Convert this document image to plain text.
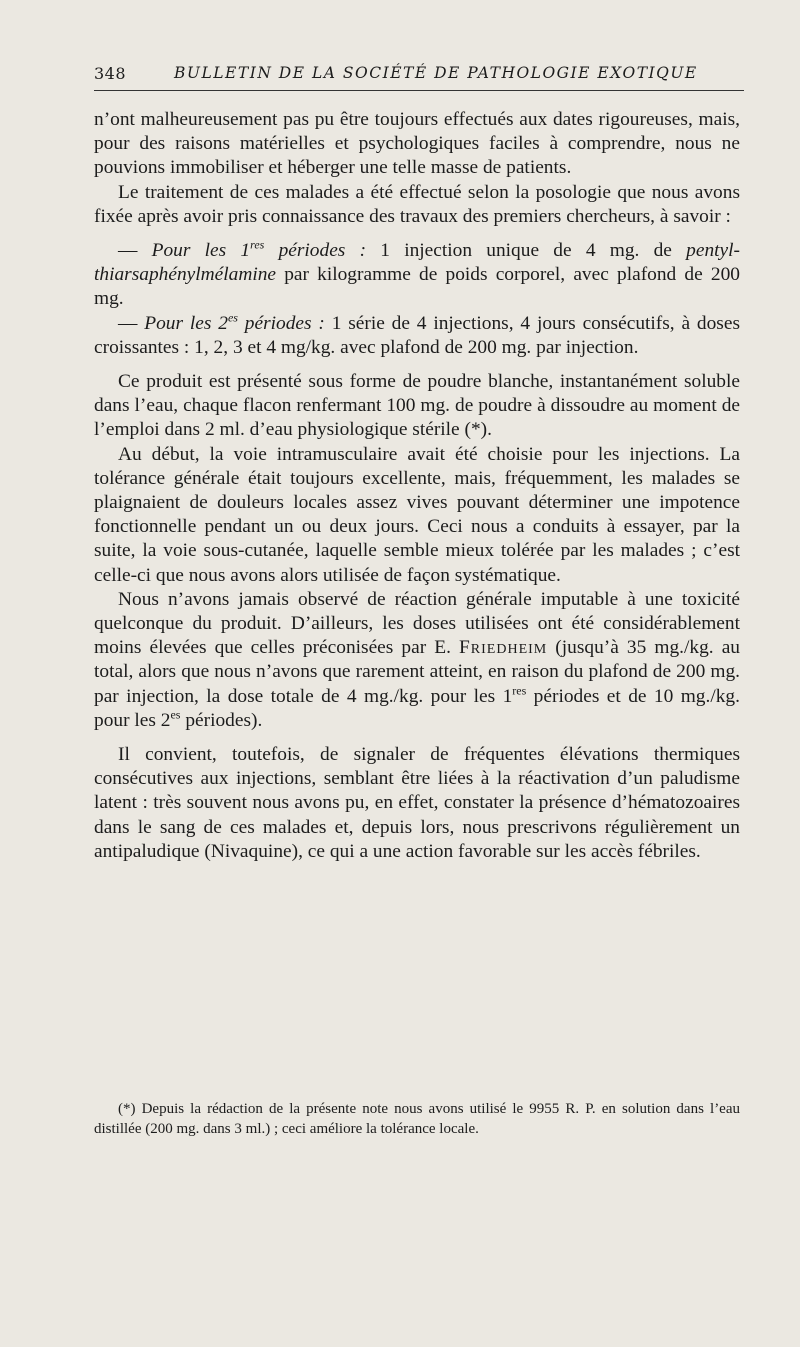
348	BULLETIN DE LA SOCIÉTÉ DE PATHOLOGIE EXOTIQUE

n’ont malheureusement pas pu être toujours effectués aux dates rigoureuses, mais, pour des raisons matérielles et psychologiques faciles à comprendre, nous ne pouvions immobiliser et héberger une telle masse de patients.

Le traitement de ces malades a été effectué selon la posologie que nous avons fixée après avoir pris connaissance des travaux des premiers chercheurs, à savoir :

— Pour les 1res périodes : 1 injection unique de 4 mg. de pentyl-thiarsaphénylmélamine par kilogramme de poids corporel, avec plafond de 200 mg.

— Pour les $2^{es}$ périodes : 1 série de 4 injections, 4 jours consécutifs, à doses croissantes : 1, 2, 3 et 4 mg/kg. avec plafond de 200 mg. par injection.

Ce produit est présenté sous forme de poudre blanche, instantanément soluble dans l’eau, chaque flacon renfermant 100 mg. de poudre à dissoudre au moment de l’emploi dans 2 ml. d’eau physiologique stérile (*).

Au début, la voie intramusculaire avait été choisie pour les injections. La tolérance générale était toujours excellente, mais, fréquemment, les malades se plaignaient de douleurs locales assez vives pouvant déterminer une impotence fonctionnelle pendant un ou deux jours. Ceci nous a conduits à essayer, par la suite, la voie sous-cutanée, laquelle semble mieux tolérée par les malades ; c’est celle-ci que nous avons alors utilisée de façon systématique.

Nous n’avons jamais observé de réaction générale imputable à une toxicité quelconque du produit. D’ailleurs, les doses utilisées ont été considérablement moins élevées que celles préconisées par E. Friedheim (jusqu’à 35 mg./kg. au total, alors que nous n’avons que rarement atteint, en raison du plafond de 200 mg. par injection, la dose totale de 4 mg./kg. pour les 1res périodes et de 10 mg./kg. pour les $2^{es}$ périodes).

Il convient, toutefois, de signaler de fréquentes élévations thermiques consécutives aux injections, semblant être liées à la réactivation d’un paludisme latent : très souvent nous avons pu, en effet, constater la présence d’hématozoaires dans le sang de ces malades et, depuis lors, nous prescrivons régulièrement un antipaludique (Nivaquine), ce qui a une action favorable sur les accès fébriles.

(*) Depuis la rédaction de la présente note nous avons utilisé le 9955 R. P. en solution dans l’eau distillée (200 mg. dans 3 ml.) ; ceci améliore la tolérance locale.
